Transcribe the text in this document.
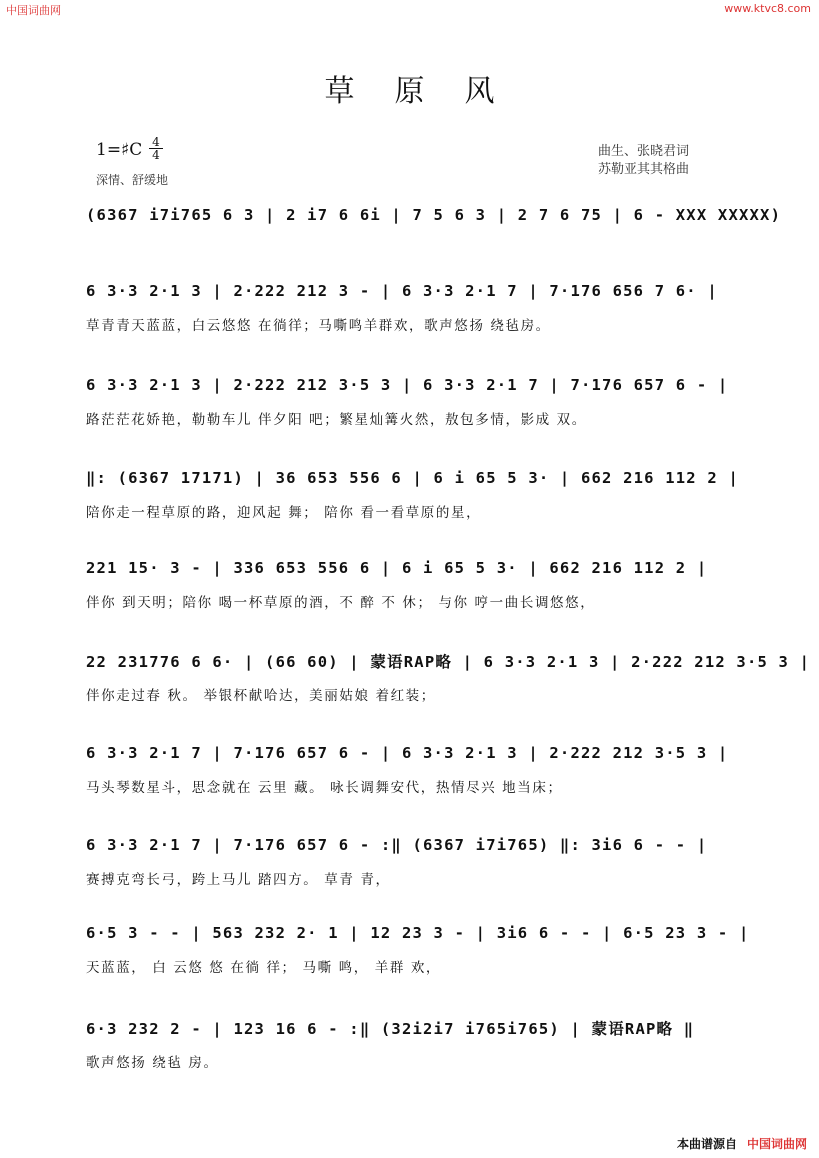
中国词曲网	www.ktvc8.com
草原风
1=♯C 4
4
深情、舒缓地
曲生、张晓君词
苏勒亚其其格曲
(6367 i7i765 6 3 | 2 i7 6 6i | 7 5 6 3 | 2 7 6 75 | 6 - XXX XXXXX)
6 3·3 2·1 3 | 2·222 212 3 - | 6 3·3 2·1 7 | 7·176 656 7 6· |
草青青天蓝蓝，白云悠悠 在徜徉；马嘶鸣羊群欢，歌声悠扬 绕毡房。
6 3·3 2·1 3 | 2·222 212 3·5 3 | 6 3·3 2·1 7 | 7·176 657 6 - |
路茫茫花娇艳，勒勒车儿 伴夕阳 吧；繁星灿篝火然，敖包多情，影成 双。
‖: (6367 17171) | 36 653 556 6 | 6 i 65 5 3· | 662 216 112 2 |
陪你走一程草原的路，迎风起 舞； 陪你 看一看草原的星，
221 15· 3 - | 336 653 556 6 | 6 i 65 5 3· | 662 216 112 2 |
伴你 到天明；陪你 喝一杯草原的酒，不 醉 不 休； 与你 哼一曲长调悠悠，
22 231776 6 6· | (66 60) | 蒙语RAP略 | 6 3·3 2·1 3 | 2·222 212 3·5 3 |
伴你走过春 秋。 举银杯献哈达，美丽姑娘 着红装；
6 3·3 2·1 7 | 7·176 657 6 - | 6 3·3 2·1 3 | 2·222 212 3·5 3 |
马头琴数星斗，思念就在 云里 藏。 咏长调舞安代，热情尽兴 地当床；
6 3·3 2·1 7 | 7·176 657 6 - :‖ (6367 i7i765) ‖: 3i6 6 - - |
赛搏克弯长弓，跨上马儿 踏四方。 草青 青，
6·5 3 - - | 563 232 2· 1 | 12 23 3 - | 3i6 6 - - | 6·5 23 3 - |
天蓝蓝， 白 云悠 悠 在徜 徉； 马嘶 鸣， 羊群 欢，
6·3 232 2 - | 123 16 6 - :‖ (32i2i7 i765i765) | 蒙语RAP略 ‖
歌声悠扬 绕毡 房。
本曲谱源自 中国词曲网
